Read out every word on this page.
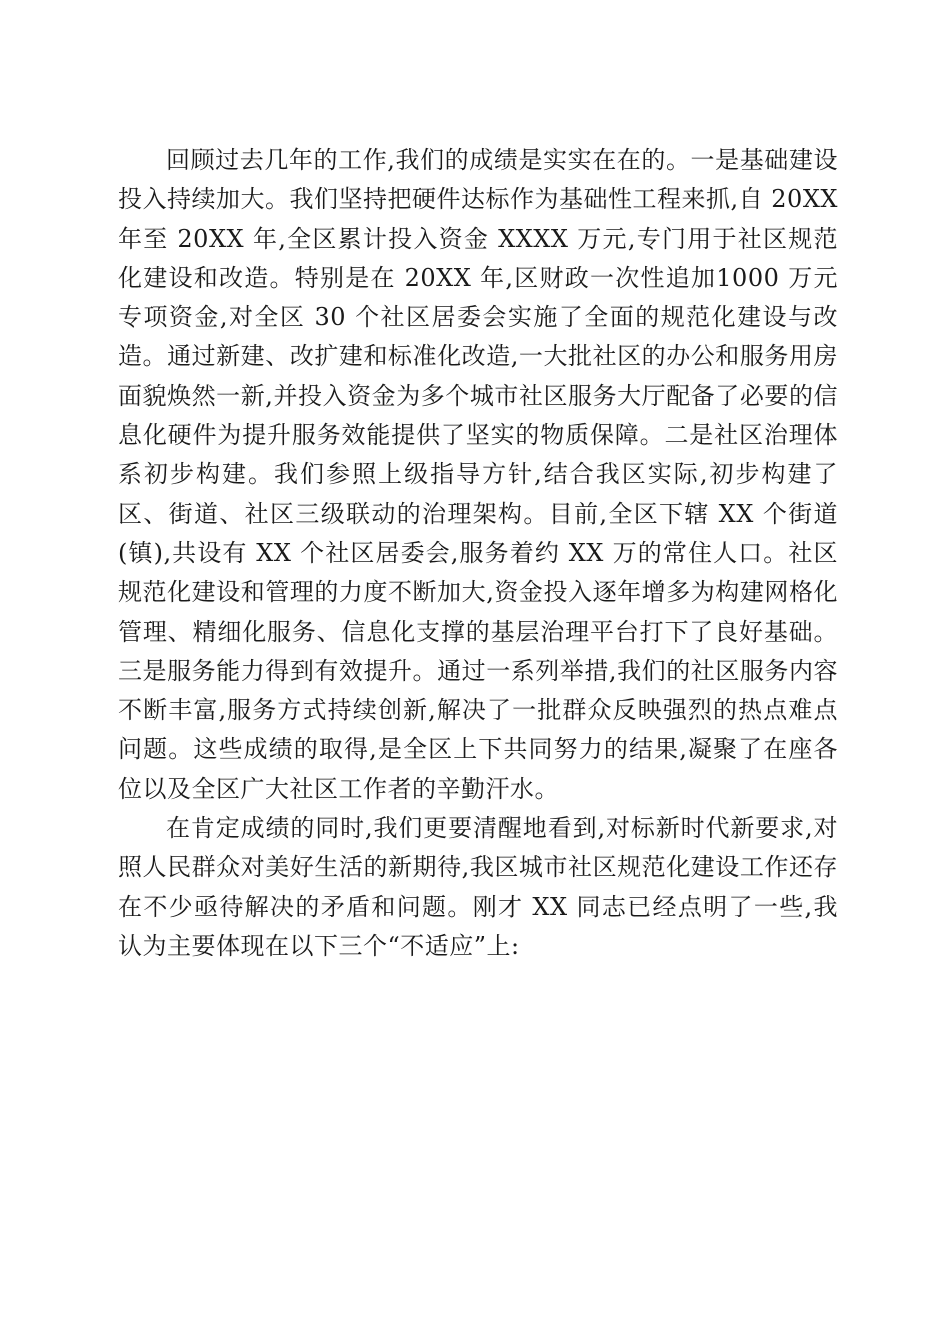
回顾过去几年的工作,我们的成绩是实实在在的。一是基础建设投入持续加大。我们坚持把硬件达标作为基础性工程来抓,自 20XX 年至 20XX 年,全区累计投入资金 XXXX 万元,专门用于社区规范化建设和改造。特别是在 20XX 年,区财政一次性追加1000 万元专项资金,对全区 30 个社区居委会实施了全面的规范化建设与改造。通过新建、改扩建和标准化改造,一大批社区的办公和服务用房面貌焕然一新,并投入资金为多个城市社区服务大厅配备了必要的信息化硬件为提升服务效能提供了坚实的物质保障。二是社区治理体系初步构建。我们参照上级指导方针,结合我区实际,初步构建了区、街道、社区三级联动的治理架构。目前,全区下辖 XX 个街道(镇),共设有 XX 个社区居委会,服务着约 XX 万的常住人口。社区规范化建设和管理的力度不断加大,资金投入逐年增多为构建网格化管理、精细化服务、信息化支撑的基层治理平台打下了良好基础。三是服务能力得到有效提升。通过一系列举措,我们的社区服务内容不断丰富,服务方式持续创新,解决了一批群众反映强烈的热点难点问题。这些成绩的取得,是全区上下共同努力的结果,凝聚了在座各位以及全区广大社区工作者的辛勤汗水。

在肯定成绩的同时,我们更要清醒地看到,对标新时代新要求,对照人民群众对美好生活的新期待,我区城市社区规范化建设工作还存在不少亟待解决的矛盾和问题。刚才 XX 同志已经点明了一些,我认为主要体现在以下三个“不适应”上:
